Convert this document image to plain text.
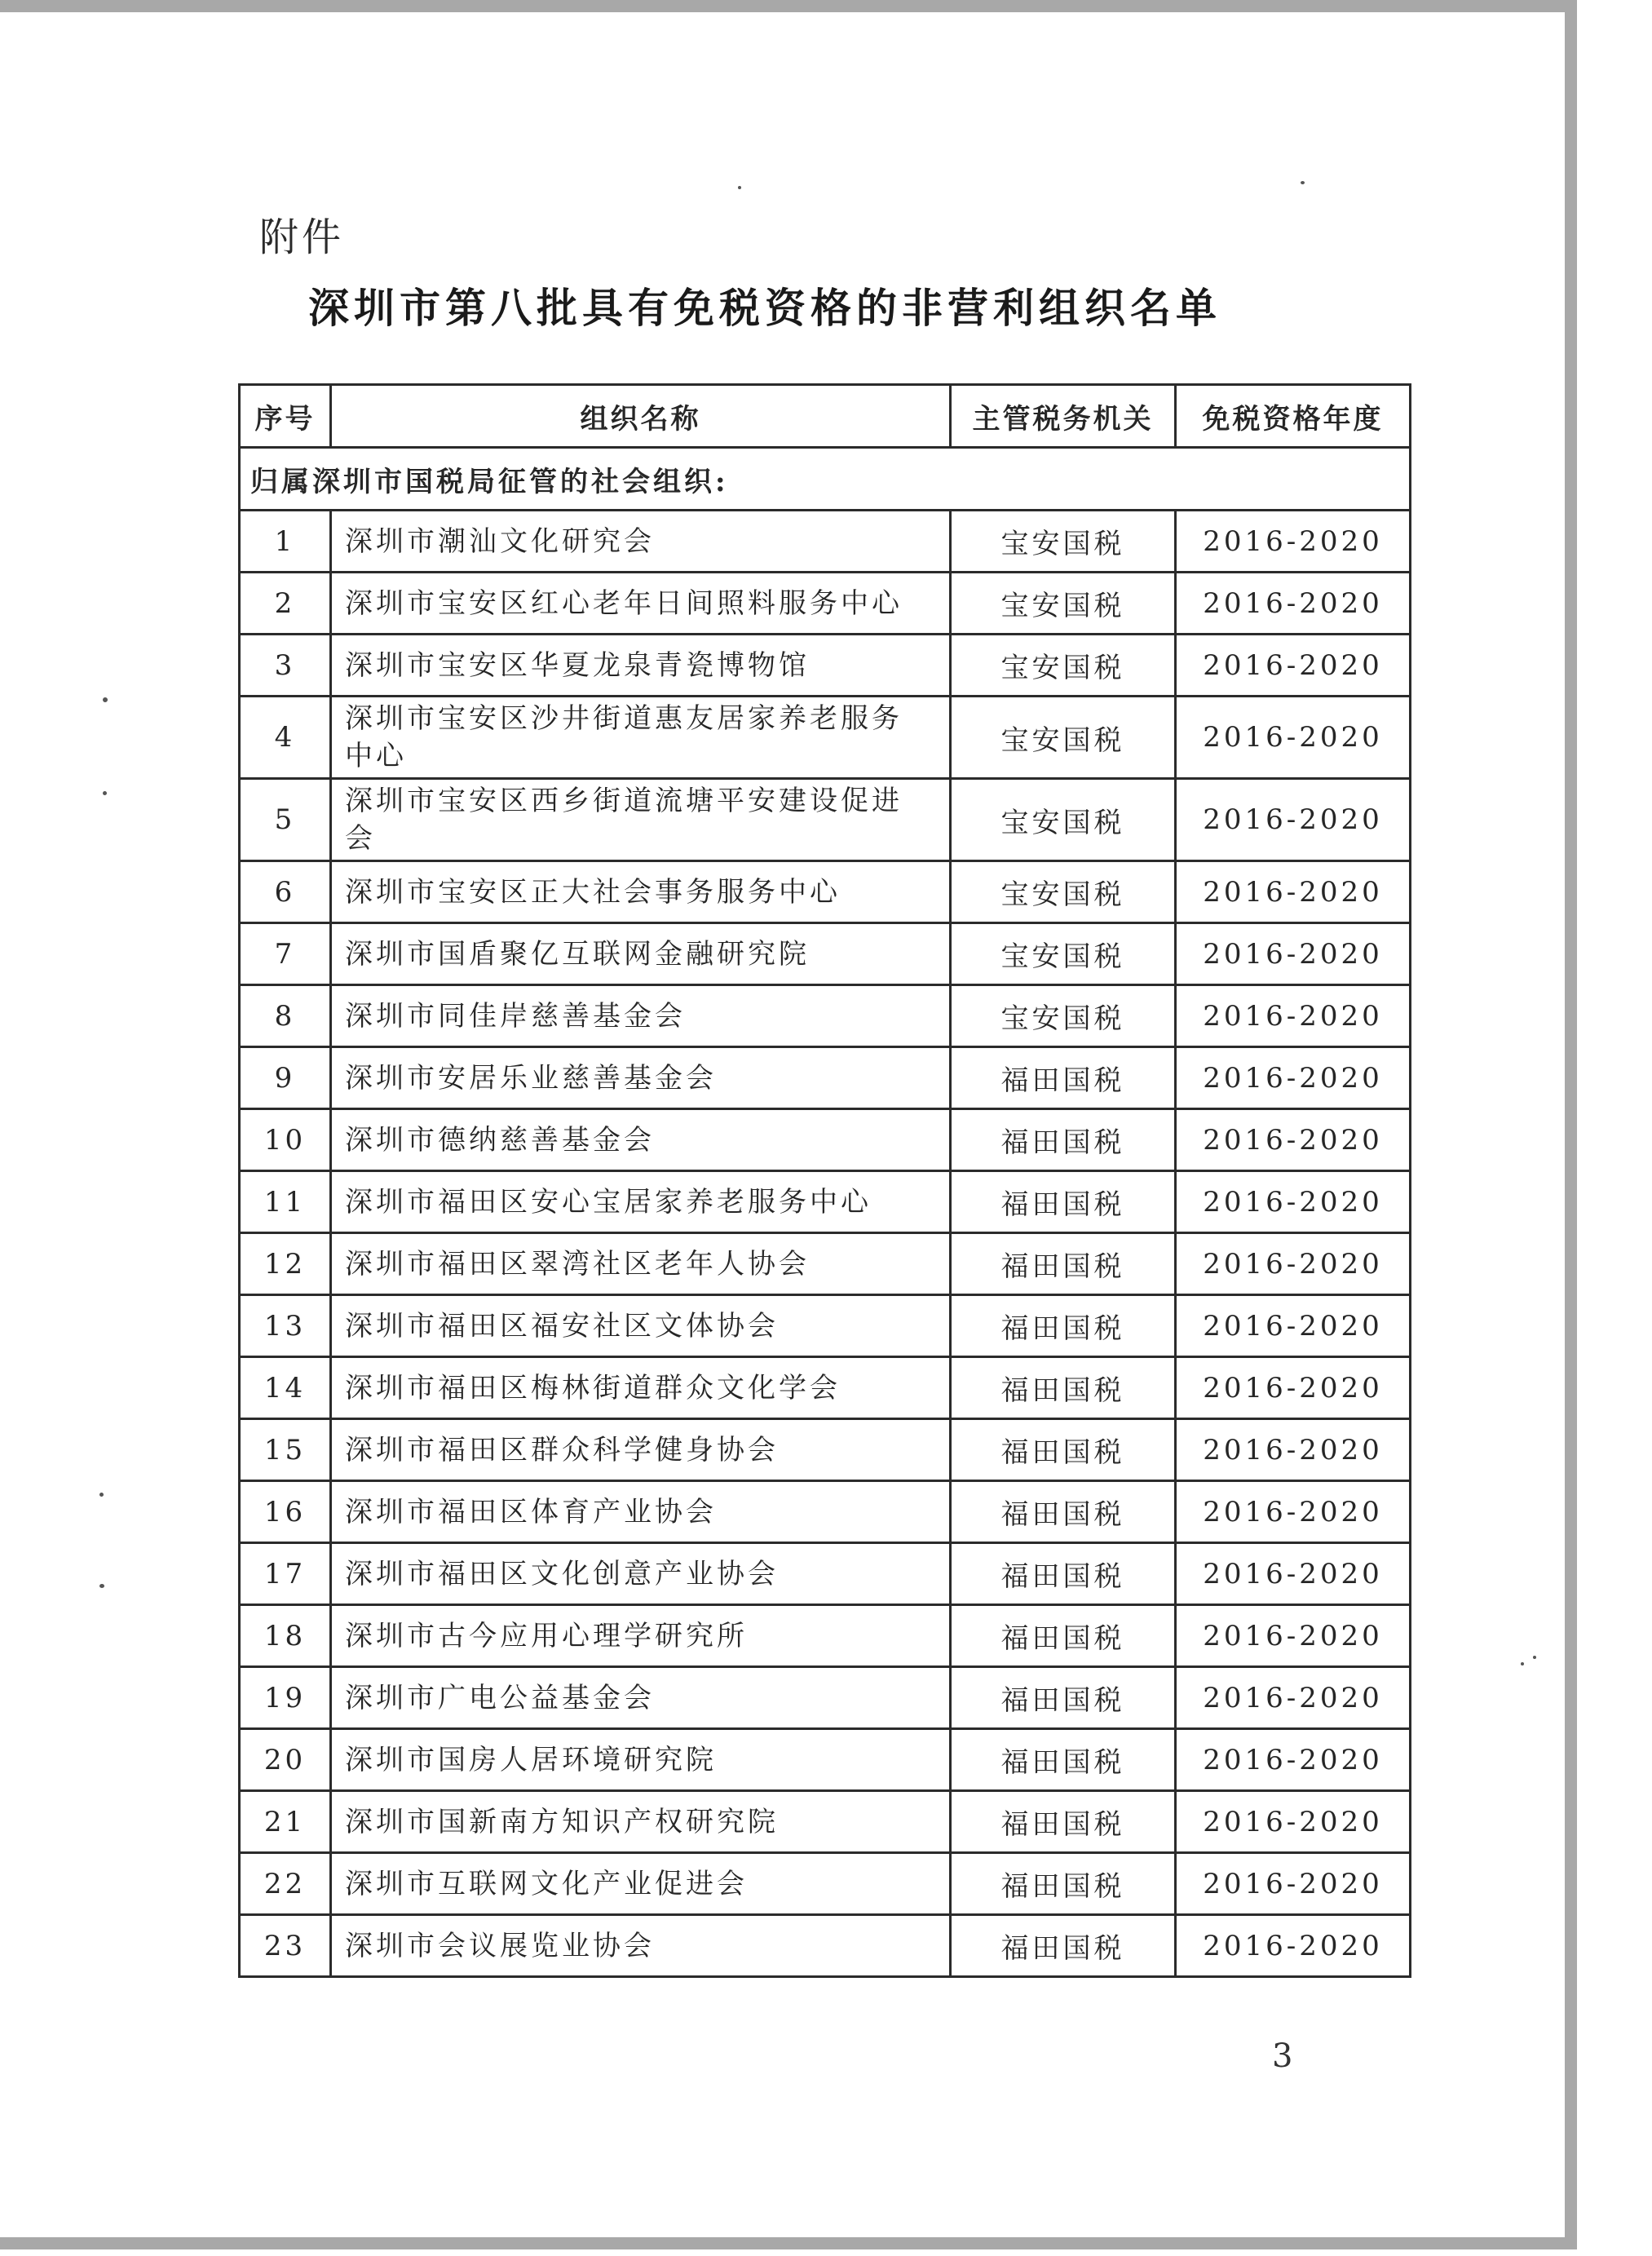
附件
深圳市第八批具有免税资格的非营利组织名单
序号	组织名称	主管税务机关	免税资格年度
归属深圳市国税局征管的社会组织:			
1	深圳市潮汕文化研究会	宝安国税	2016-2020
2	深圳市宝安区红心老年日间照料服务中心	宝安国税	2016-2020
3	深圳市宝安区华夏龙泉青瓷博物馆	宝安国税	2016-2020
4	深圳市宝安区沙井街道惠友居家养老服务中心	宝安国税	2016-2020
5	深圳市宝安区西乡街道流塘平安建设促进会	宝安国税	2016-2020
6	深圳市宝安区正大社会事务服务中心	宝安国税	2016-2020
7	深圳市国盾聚亿互联网金融研究院	宝安国税	2016-2020
8	深圳市同佳岸慈善基金会	宝安国税	2016-2020
9	深圳市安居乐业慈善基金会	福田国税	2016-2020
10	深圳市德纳慈善基金会	福田国税	2016-2020
11	深圳市福田区安心宝居家养老服务中心	福田国税	2016-2020
12	深圳市福田区翠湾社区老年人协会	福田国税	2016-2020
13	深圳市福田区福安社区文体协会	福田国税	2016-2020
14	深圳市福田区梅林街道群众文化学会	福田国税	2016-2020
15	深圳市福田区群众科学健身协会	福田国税	2016-2020
16	深圳市福田区体育产业协会	福田国税	2016-2020
17	深圳市福田区文化创意产业协会	福田国税	2016-2020
18	深圳市古今应用心理学研究所	福田国税	2016-2020
19	深圳市广电公益基金会	福田国税	2016-2020
20	深圳市国房人居环境研究院	福田国税	2016-2020
21	深圳市国新南方知识产权研究院	福田国税	2016-2020
22	深圳市互联网文化产业促进会	福田国税	2016-2020
23	深圳市会议展览业协会	福田国税	2016-2020
3
